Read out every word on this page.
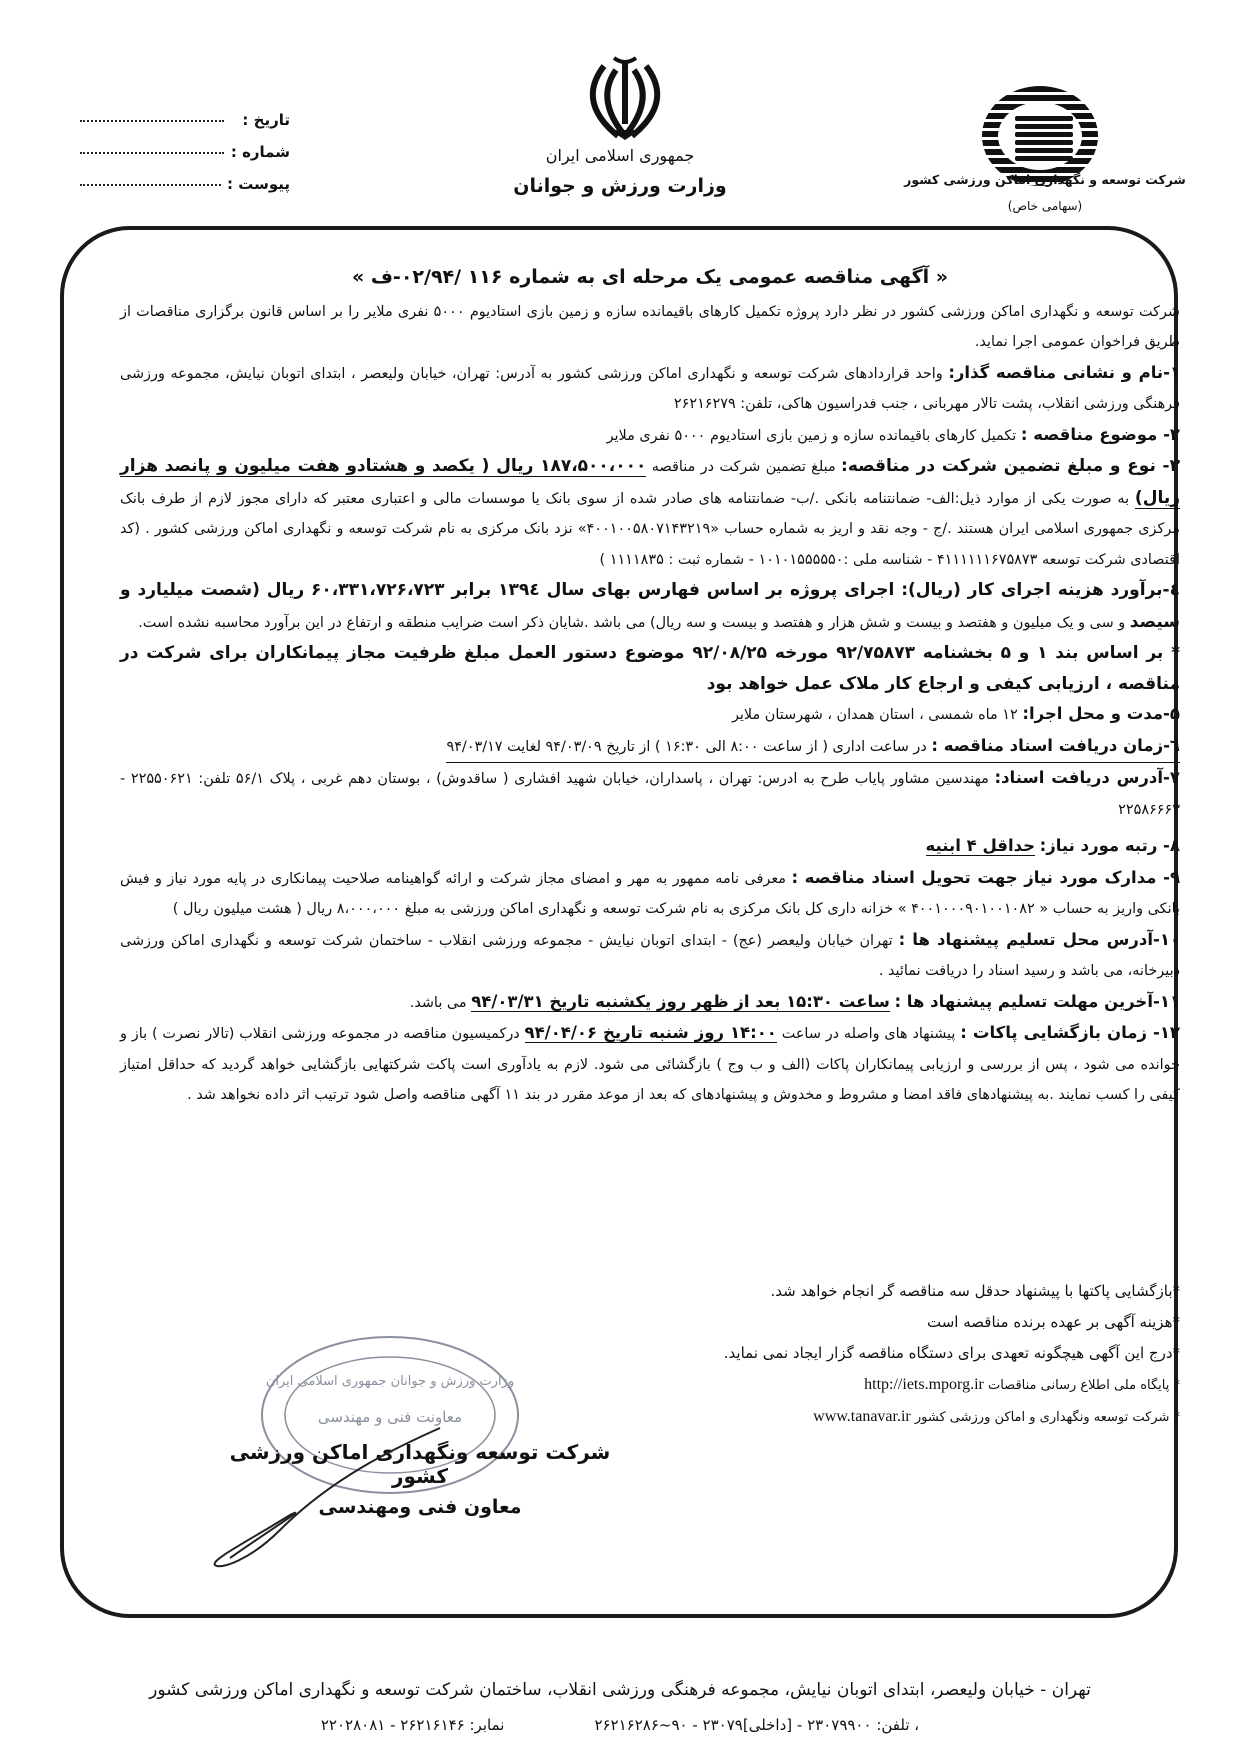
تاریخ :
شماره :
پیوست :
جمهوری اسلامی ایران
وزارت ورزش و جوانان	شرکت توسعه و نگهداری اماکن ورزشی کشور
(سهامی خاص)
« آگهی مناقصه عمومی یک مرحله ای به شماره ۱۱۶ /۰۲/۹۴-ف »

شرکت توسعه و نگهداری اماکن ورزشی کشور در نظر دارد پروژه تکمیل کارهای باقیمانده سازه و زمین بازی استادیوم ۵۰۰۰ نفری ملایر را بر اساس قانون برگزاری مناقصات از طریق فراخوان عمومی اجرا نماید.

۱-نام و نشانی مناقصه گذار: واحد قراردادهای شرکت توسعه و نگهداری اماکن ورزشی کشور به آدرس: تهران، خیابان ولیعصر ، ابتدای اتوبان نیایش، مجموعه ورزشی فرهنگی ورزشی انقلاب، پشت تالار مهربانی ، جنب فدراسیون هاکی، تلفن: ۲۶۲۱۶۲۷۹

۲- موضوع مناقصه : تکمیل کارهای باقیمانده سازه و زمین بازی استادیوم ۵۰۰۰ نفری ملایر

۳- نوع و مبلغ تضمین شرکت در مناقصه: مبلغ تضمین شرکت در مناقصه ۱۸۷،۵۰۰،۰۰۰ ریال ( یکصد و هشتادو هفت میلیون و پانصد هزار ریال) به صورت یکی از موارد ذیل:الف- ضمانتنامه بانکی ./ب- ضمانتنامه های صادر شده از سوی بانک یا موسسات مالی و اعتباری معتبر که دارای مجوز لازم از طرف بانک مرکزی جمهوری اسلامی ایران هستند ./ج - وجه نقد و اریز به شماره حساب «۴۰۰۱۰۰۵۸۰۷۱۴۳۲۱۹» نزد بانک مرکزی به نام شرکت توسعه و نگهداری اماکن ورزشی کشور . (کد اقتصادی شرکت توسعه ۴۱۱۱۱۱۱۶۷۵۸۷۳ - شناسه ملی :۱۰۱۰۱۵۵۵۵۵۰ - شماره ثبت : ۱۱۱۱۸۳۵ )

٤-برآورد هزینه اجرای کار (ریال): اجرای پروژه بر اساس فهارس بهای سال ۱۳۹٤ برابر ۶۰،۳۳۱،۷۲۶،۷۲۳ ریال (شصت میلیارد و سیصد و سی و یک میلیون و هفتصد و بیست و شش هزار و هفتصد و بیست و سه ریال) می باشد .شایان ذکر است ضرایب منطقه و ارتفاع در این برآورد محاسبه نشده است.

* بر اساس بند ۱ و ۵ بخشنامه ۹۲/۷۵۸۷۳ مورخه ۹۲/۰۸/۲۵ موضوع دستور العمل مبلغ ظرفیت مجاز پیمانکاران برای شرکت در مناقصه ، ارزیابی کیفی و ارجاع کار ملاک عمل خواهد بود

۵-مدت و محل اجرا: ۱۲ ماه شمسی ، استان همدان ، شهرستان ملایر

٦-زمان دریافت اسناد مناقصه : در ساعت اداری ( از ساعت ۸:۰۰ الی ۱۶:۳۰ ) از تاریخ ۹۴/۰۳/۰۹ لغایت ۹۴/۰۳/۱۷

۷-آدرس دریافت اسناد: مهندسین مشاور پایاب طرح به ادرس: تهران ، پاسداران، خیابان شهید افشاری ( ساقدوش) ، بوستان دهم غربی ، پلاک ۵۶/۱ تلفن: ۲۲۵۵۰۶۲۱ - ۲۲۵۸۶۶۶۳

۸- رتبه مورد نیاز: حداقل ۴ ابنیه

۹- مدارک مورد نیاز جهت تحویل اسناد مناقصه : معرفی نامه ممهور به مهر و امضای مجاز شرکت و ارائه گواهینامه صلاحیت پیمانکاری در پایه مورد نیاز و فیش بانکی واریز به حساب « ۴۰۰۱۰۰۰۹۰۱۰۰۱۰۸۲ » خزانه داری کل بانک مرکزی به نام شرکت توسعه و نگهداری اماکن ورزشی به مبلغ ۸،۰۰۰،۰۰۰ ریال ( هشت میلیون ریال )

۱۰-آدرس محل تسلیم پیشنهاد ها : تهران خیابان ولیعصر (عج) - ابتدای اتوبان نیایش - مجموعه ورزشی انقلاب - ساختمان شرکت توسعه و نگهداری اماکن ورزشی دبیرخانه، می باشد و رسید اسناد را دریافت نمائید .

۱۱-آخرین مهلت تسلیم پیشنهاد ها : ساعت ۱۵:۳۰ بعد از ظهر روز یکشنبه تاریخ ۹۴/۰۳/۳۱ می باشد.

۱۲- زمان بازگشایی پاکات : پیشنهاد های واصله در ساعت ۱۴:۰۰ روز شنبه تاریخ ۹۴/۰۴/۰۶ درکمیسیون مناقصه در مجموعه ورزشی انقلاب (تالار نصرت ) باز و خوانده می شود ، پس از بررسی و ارزیابی پیمانکاران پاکات (الف و ب وج ) بازگشائی می شود. لازم به یادآوری است پاکت شرکتهایی بازگشایی خواهد گردید که حداقل امتیاز کیفی را کسب نمایند .به پیشنهادهای فاقد امضا و مشروط و مخدوش و پیشنهادهای که بعد از موعد مقرر در بند ۱۱ آگهی مناقصه واصل شود ترتیب اثر داده نخواهد شد .

*بازگشایی پاکتها با پیشنهاد حدقل سه مناقصه گر انجام خواهد شد.
*هزینه آگهی بر عهده برنده مناقصه است
*درج این آگهی هیچگونه تعهدی برای دستگاه مناقصه گزار ایجاد نمی نماید.
* پایگاه ملی اطلاع رسانی مناقصات http://iets.mporg.ir
* شرکت توسعه ونگهداری و اماکن ورزشی کشور www.tanavar.ir
وزارت ورزش و جوانان جمهوری اسلامی ایران
معاونت فنی و مهندسی
شرکت توسعه ونگهداری اماکن ورزشی کشور
معاون فنی ومهندسی
تهران - خیابان ولیعصر، ابتدای اتوبان نیایش، مجموعه فرهنگی ورزشی انقلاب، ساختمان شرکت توسعه و نگهداری اماکن ورزشی کشور
، تلفن: ۲۳۰۷۹۹۰۰ - [داخلی]۲۳۰۷۹ - ۹۰~۲۶۲۱۶۲۸۶
نمابر: ۲۶۲۱۶۱۴۶ - ۲۲۰۲۸۰۸۱
